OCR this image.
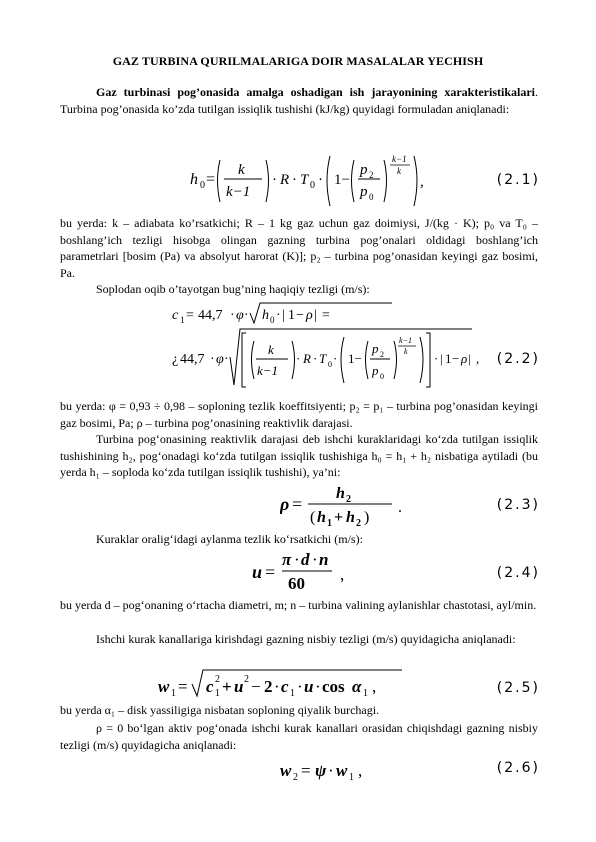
GAZ TURBINA QURILMALARIGA DOIR MASALALAR YECHISH

Gaz turbinasi pog’onasida amalga oshadigan ish jarayonining xarakteristikalari. Turbina pog’onasida ko’zda tutilgan issiqlik tushishi (kJ/kg) quyidagi formuladan aniqlanadi:

h 0 =
k
k−1
· R · T 0 · 1−
p 2
p 0
k−1
k
,	(2.1)

bu yerda: k – adiabata ko’rsatkichi; R – 1 kg gaz uchun gaz doimiysi, J/(kg · K); p₀ va T₀ – boshlang’ich tezligi hisobga olingan gazning turbina pog’onalari oldidagi boshlang’ich parametrlari [bosim (Pa) va absolyut harorat (K)]; p₂ – turbina pog’onasidan keyingi gaz bosimi, Pa.

Soplodan oqib o’tayotgan bug’ning haqiqiy tezligi (m/s):

c 1 = 44,7 · φ · h 0 · | 1 − ρ | =
¿ 44,7 · φ ·
k
k−1
· R · T 0 · 1−
p 2
p 0
k−1
k · | 1 − ρ | , (2.2)

bu yerda: φ = 0,93 ÷ 0,98 – soploning tezlik koeffitsiyenti; p₂ = p₁ – turbina pog’onasidan keyingi gaz bosimi, Pa; ρ – turbina pog’onasining reaktivlik darajasi.

Turbina pog‘onasining reaktivlik darajasi deb ishchi kuraklaridagi ko‘zda tutilgan issiqlik tushishining h₂, pog‘onadagi ko‘zda tutilgan issiqlik tushishiga h₀ = h₁ + h₂ nisbatiga aytiladi (bu yerda h₁ – soploda ko‘zda tutilgan issiqlik tushishi), ya’ni:

ρ =
h 2
( h 1 + h 2 )
.	(2.3)

Kuraklar oralig‘idagi aylanma tezlik ko‘rsatkichi (m/s):

u =
π · d · n
60 ,	(2.4)

bu yerda d – pog‘onaning o‘rtacha diametri, m; n – turbina valining aylanishlar chastotasi, ayl/min.

Ishchi kurak kanallariga kirishdagi gazning nisbiy tezligi (m/s) quyidagicha aniqlanadi:

w 1 = c 2
1 + u 2 − 2 · c 1 · u · cos α 1 ,	(2.5)

bu yerda α₁ – disk yassiligiga nisbatan soploning qiyalik burchagi.

ρ = 0 bo‘lgan aktiv pog‘onada ishchi kurak kanallari orasidan chiqishdagi gazning nisbiy tezligi (m/s) quyidagicha aniqlanadi:

w 2 = ψ · w 1 ,	(2.6)
